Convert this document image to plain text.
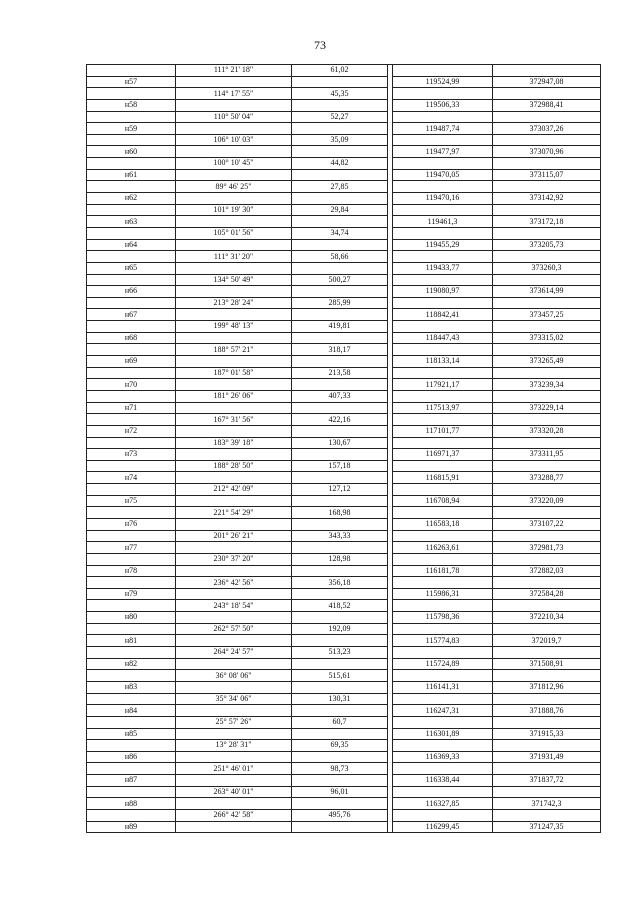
73
	111° 21' 18"	61,02			
н57				119524,99	372947,08
	114° 17' 55"	45,35			
н58				119506,33	372988,41
	110° 50' 04"	52,27			
н59				119487,74	373037,26
	106° 10' 03"	35,09			
н60				119477,97	373070,96
	100° 10' 45"	44,82			
н61				119470,05	373115,07
	89° 46' 25"	27,85			
н62				119470,16	373142,92
	101° 19' 30"	29,84			
н63				119461,3	373172,18
	105° 01' 56"	34,74			
н64				119455,29	373205,73
	111° 31' 20"	58,66			
н65				119433,77	373260,3
	134° 50' 49"	500,27			
н66				119080,97	373614,99
	213° 28' 24"	285,99			
н67				118842,41	373457,25
	199° 48' 13"	419,81			
н68				118447,43	373315,02
	188° 57' 21"	318,17			
н69				118133,14	373265,49
	187° 01' 58"	213,58			
н70				117921,17	373239,34
	181° 26' 06"	407,33			
н71				117513,97	373229,14
	167° 31' 56"	422,16			
н72				117101,77	373320,28
	183° 39' 18"	130,67			
н73				116971,37	373311,95
	188° 28' 50"	157,18			
н74				116815,91	373288,77
	212° 42' 09"	127,12			
н75				116708,94	373220,09
	221° 54' 29"	168,98			
н76				116583,18	373107,22
	201° 26' 21"	343,33			
н77				116263,61	372981,73
	230° 37' 20"	128,98			
н78				116181,78	372882,03
	236° 42' 56"	356,18			
н79				115986,31	372584,28
	243° 18' 54"	418,52			
н80				115798,36	372210,34
	262° 57' 50"	192,09			
н81				115774,83	372019,7
	264° 24' 57"	513,23			
н82				115724,89	371508,91
	36° 08' 06"	515,61			
н83				116141,31	371812,96
	35° 34' 06"	130,31			
н84				116247,31	371888,76
	25° 57' 26"	60,7			
н85				116301,89	371915,33
	13° 28' 31"	69,35			
н86				116369,33	371931,49
	251° 46' 01"	98,73			
н87				116338,44	371837,72
	263° 40' 01"	96,01			
н88				116327,85	371742,3
	266° 42' 58"	495,76			
н89				116299,45	371247,35
